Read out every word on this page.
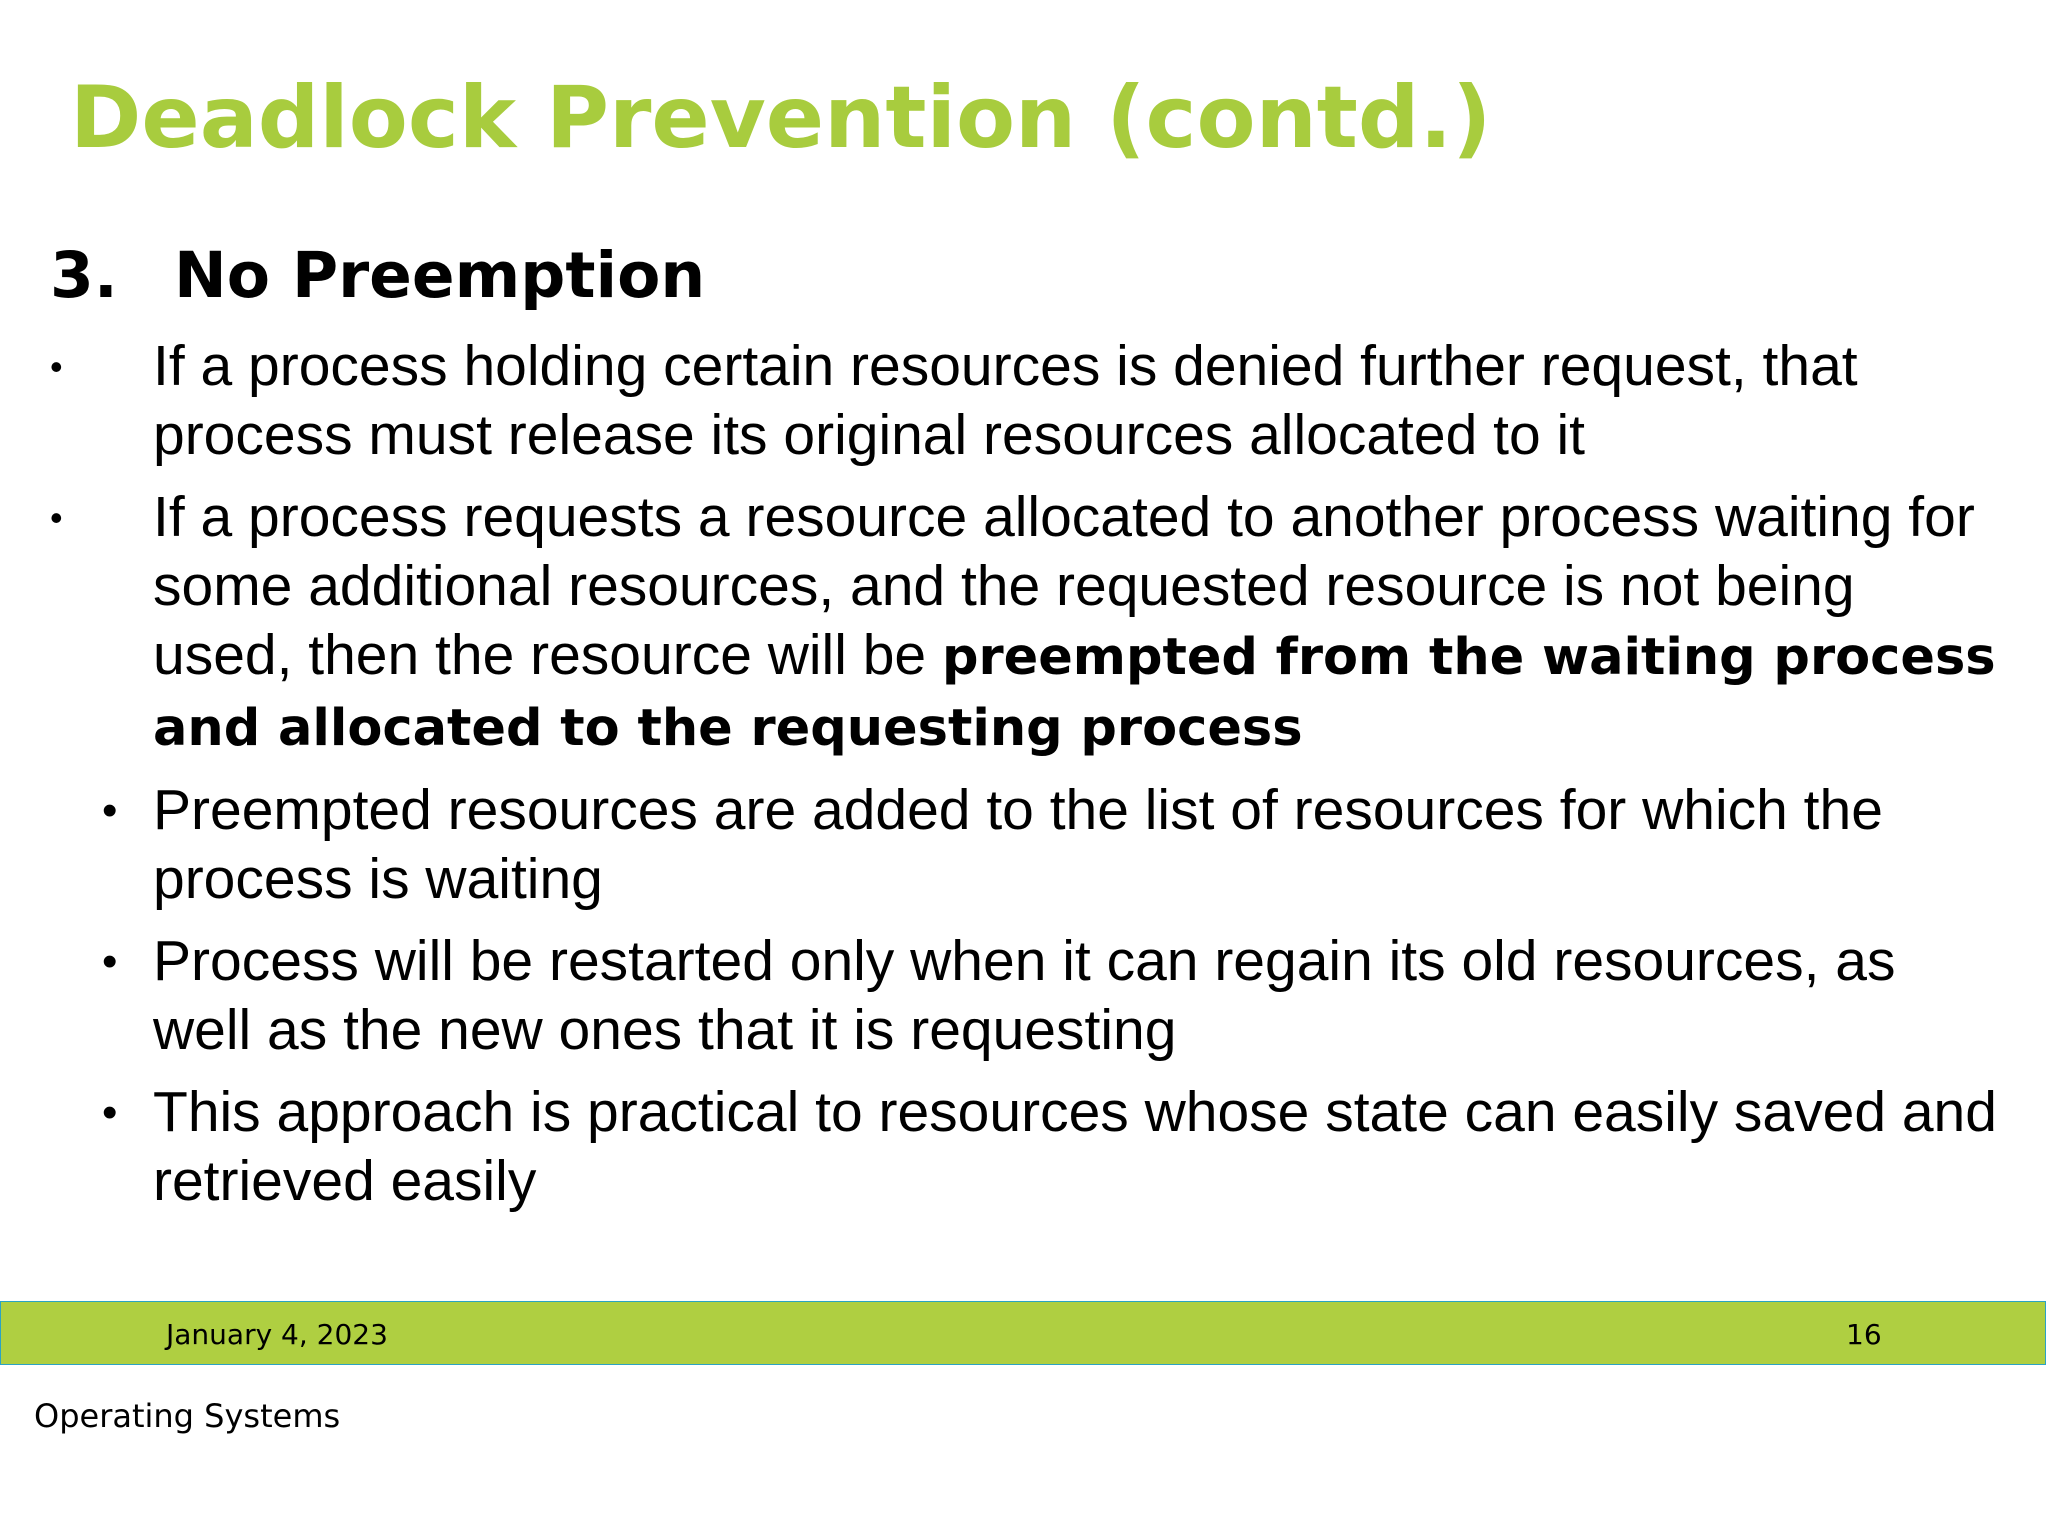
Deadlock Prevention (contd.)
3. No Preemption
• If a process holding certain resources is denied further request, that process must release its original resources allocated to it
• If a process requests a resource allocated to another process waiting for some additional resources, and the requested resource is not being used, then the resource will be preempted from the waiting process and allocated to the requesting process
• Preempted resources are added to the list of resources for which the process is waiting
• Process will be restarted only when it can regain its old resources, as well as the new ones that it is requesting
• This approach is practical to resources whose state can easily saved and retrieved easily
January 4, 2023	16
Operating Systems
